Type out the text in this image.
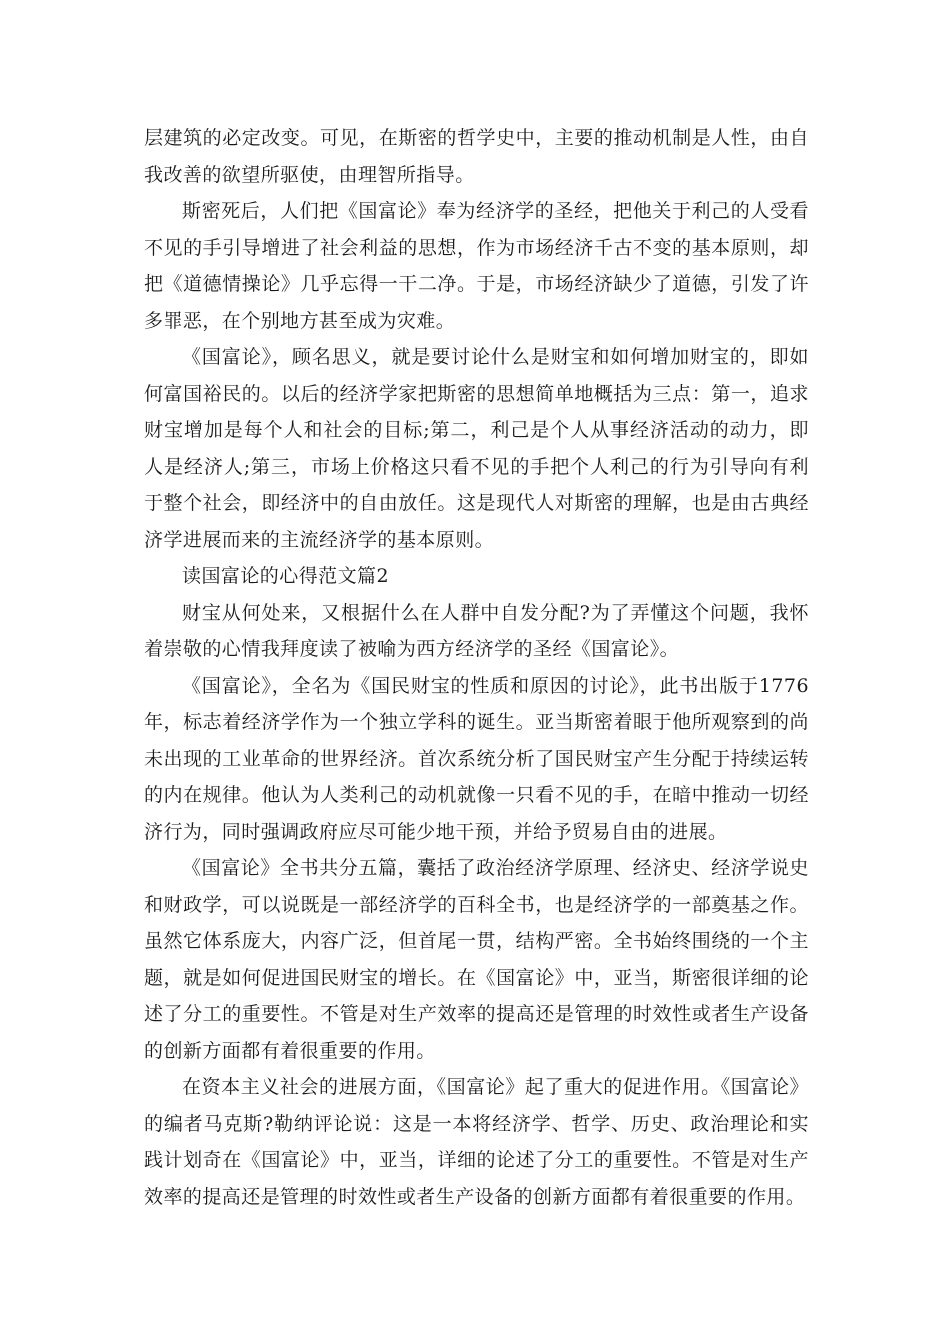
层建筑的必定改变。可见，在斯密的哲学史中，主要的推动机制是人性，由自我改善的欲望所驱使，由理智所指导。

斯密死后，人们把《国富论》奉为经济学的圣经，把他关于利己的人受看不见的手引导增进了社会利益的思想，作为市场经济千古不变的基本原则，却把《道德情操论》几乎忘得一干二净。于是，市场经济缺少了道德，引发了许多罪恶，在个别地方甚至成为灾难。

《国富论》，顾名思义，就是要讨论什么是财宝和如何增加财宝的，即如何富国裕民的。以后的经济学家把斯密的思想简单地概括为三点：第一，追求财宝增加是每个人和社会的目标;第二，利己是个人从事经济活动的动力，即人是经济人;第三，市场上价格这只看不见的手把个人利己的行为引导向有利于整个社会，即经济中的自由放任。这是现代人对斯密的理解，也是由古典经济学进展而来的主流经济学的基本原则。

读国富论的心得范文篇2

财宝从何处来，又根据什么在人群中自发分配?为了弄懂这个问题，我怀着崇敬的心情我拜度读了被喻为西方经济学的圣经《国富论》。

《国富论》，全名为《国民财宝的性质和原因的讨论》，此书出版于1776年，标志着经济学作为一个独立学科的诞生。亚当斯密着眼于他所观察到的尚未出现的工业革命的世界经济。首次系统分析了国民财宝产生分配于持续运转的内在规律。他认为人类利己的动机就像一只看不见的手，在暗中推动一切经济行为，同时强调政府应尽可能少地干预，并给予贸易自由的进展。

《国富论》全书共分五篇，囊括了政治经济学原理、经济史、经济学说史和财政学，可以说既是一部经济学的百科全书，也是经济学的一部奠基之作。虽然它体系庞大，内容广泛，但首尾一贯，结构严密。全书始终围绕的一个主题，就是如何促进国民财宝的增长。在《国富论》中，亚当，斯密很详细的论述了分工的重要性。不管是对生产效率的提高还是管理的时效性或者生产设备的创新方面都有着很重要的作用。

在资本主义社会的进展方面，《国富论》起了重大的促进作用。《国富论》的编者马克斯?勒纳评论说：这是一本将经济学、哲学、历史、政治理论和实践计划奇在《国富论》中，亚当，详细的论述了分工的重要性。不管是对生产效率的提高还是管理的时效性或者生产设备的创新方面都有着很重要的作用。
